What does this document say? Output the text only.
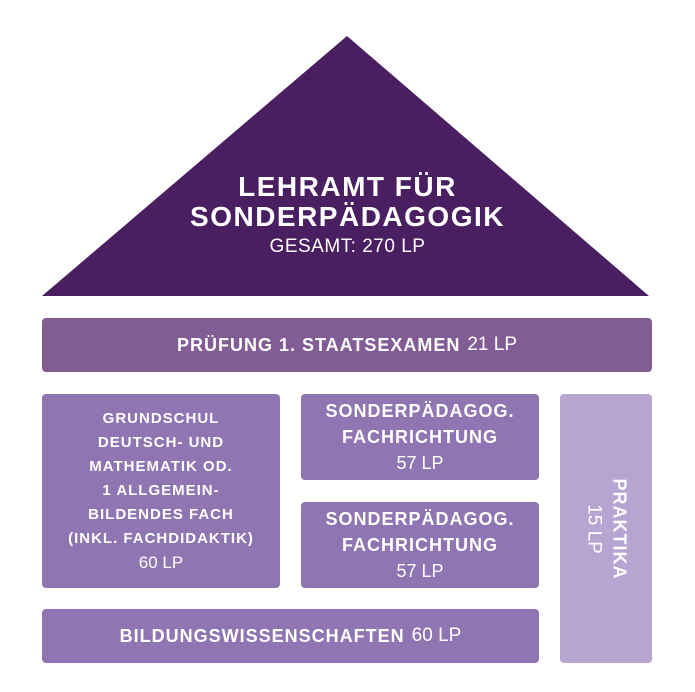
LEHRAMT FÜR
SONDERPÄDAGOGIK
GESAMT: 270 LP
PRÜFUNG 1. STAATSEXAMEN 21 LP
GRUNDSCHUL
DEUTSCH- UND
MATHEMATIK OD.
1 ALLGEMEIN-
BILDENDES FACH
(INKL. FACHDIDAKTIK)
60 LP
SONDERPÄDAGOG.
FACHRICHTUNG
57 LP
SONDERPÄDAGOG.
FACHRICHTUNG
57 LP	PRAKTIKA
15 LP
BILDUNGSWISSENSCHAFTEN 60 LP
